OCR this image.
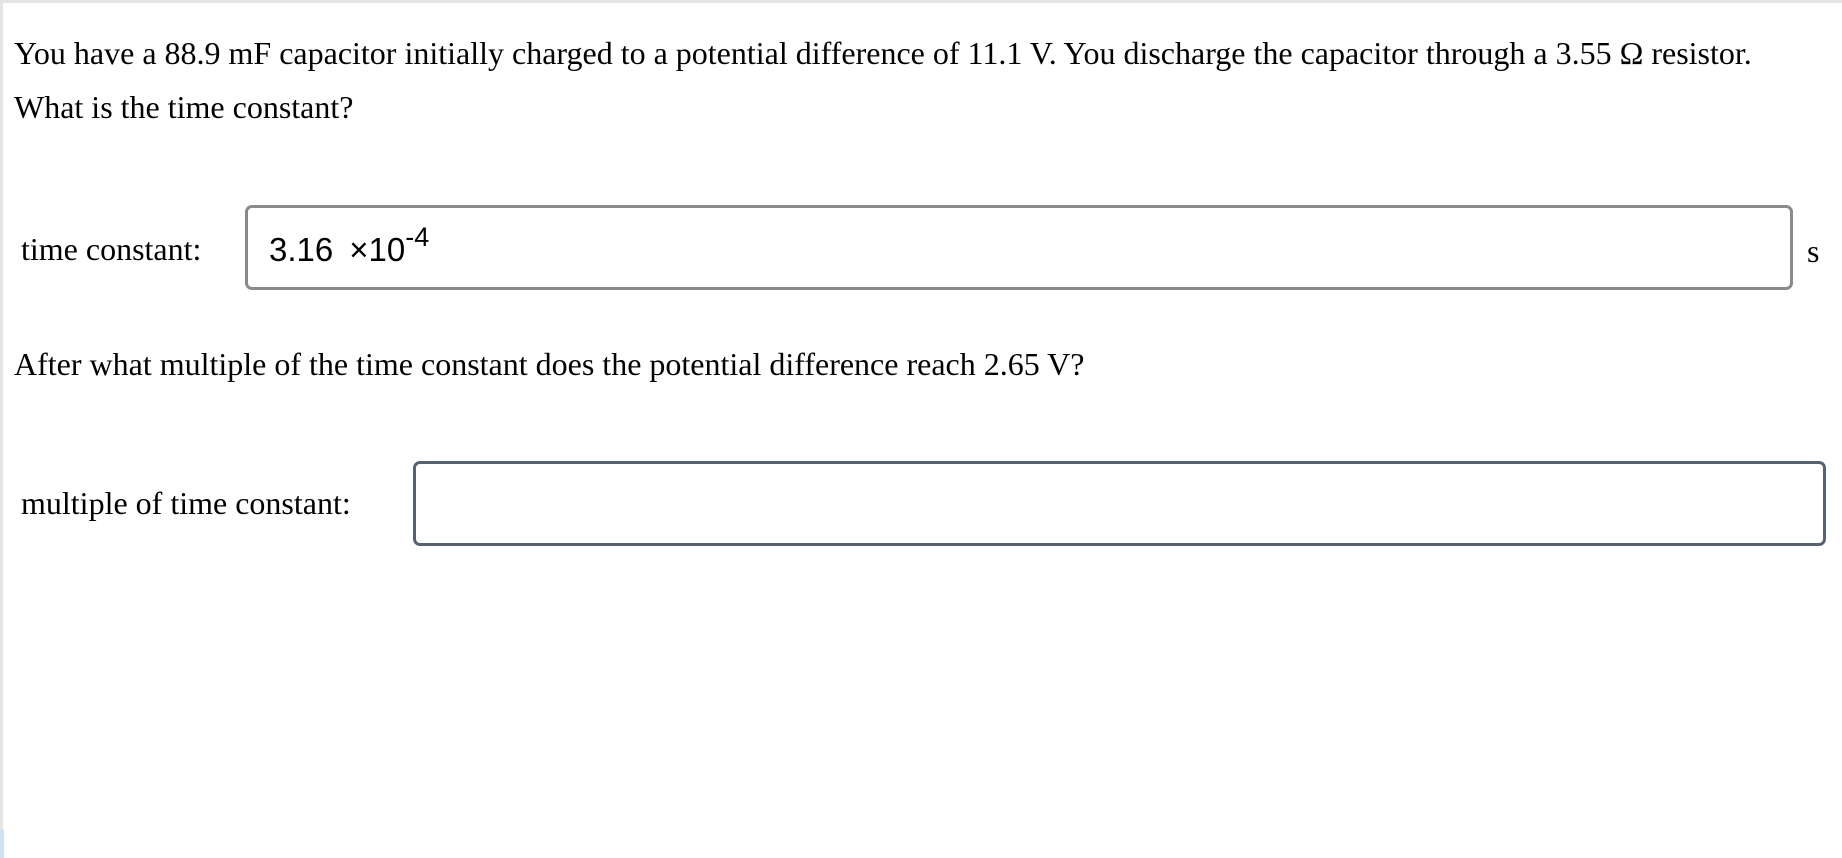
You have a 88.9 mF capacitor initially charged to a potential difference of 11.1 V. You discharge the capacitor through a 3.55 Ω resistor. What is the time constant?

time constant: $3.16 \times 10^{-4}$	s

After what multiple of the time constant does the potential difference reach 2.65 V?

multiple of time constant:
